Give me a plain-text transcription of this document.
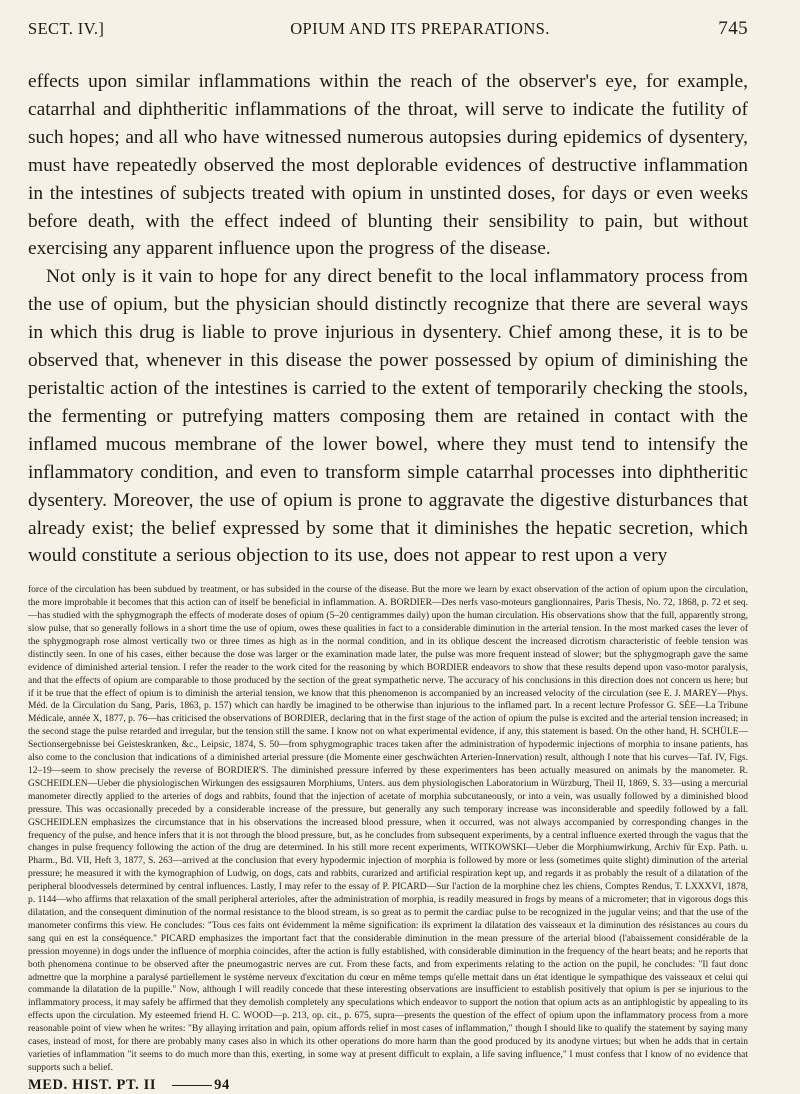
SECT. IV.]	OPIUM AND ITS PREPARATIONS.	745

effects upon similar inflammations within the reach of the observer's eye, for example, catarrhal and diphtheritic inflammations of the throat, will serve to indicate the futility of such hopes; and all who have witnessed numerous autopsies during epidemics of dysentery, must have repeatedly observed the most deplorable evidences of destructive inflammation in the intestines of subjects treated with opium in unstinted doses, for days or even weeks before death, with the effect indeed of blunting their sensibility to pain, but without exercising any apparent influence upon the progress of the disease.

Not only is it vain to hope for any direct benefit to the local inflammatory process from the use of opium, but the physician should distinctly recognize that there are several ways in which this drug is liable to prove injurious in dysentery. Chief among these, it is to be observed that, whenever in this disease the power possessed by opium of diminishing the peristaltic action of the intestines is carried to the extent of temporarily checking the stools, the fermenting or putrefying matters composing them are retained in contact with the inflamed mucous membrane of the lower bowel, where they must tend to intensify the inflammatory condition, and even to transform simple catarrhal processes into diphtheritic dysentery. Moreover, the use of opium is prone to aggravate the digestive disturbances that already exist; the belief expressed by some that it diminishes the hepatic secretion, which would constitute a serious objection to its use, does not appear to rest upon a very

force of the circulation has been subdued by treatment, or has subsided in the course of the disease. But the more we learn by exact observation of the action of opium upon the circulation, the more improbable it becomes that this action can of itself be beneficial in inflammation. A. BORDIER—Des nerfs vaso-moteurs ganglionnaires, Paris Thesis, No. 72, 1868, p. 72 et seq.—has studied with the sphygmograph the effects of moderate doses of opium (5–20 centigrammes daily) upon the human circulation. His observations show that the full, apparently strong, slow pulse, that so generally follows in a short time the use of opium, owes these qualities in fact to a considerable diminution in the arterial tension. In the most marked cases the lever of the sphygmograph rose almost vertically two or three times as high as in the normal condition, and in its oblique descent the increased dicrotism characteristic of feeble tension was distinctly seen. In one of his cases, either because the dose was larger or the examination made later, the pulse was more frequent instead of slower; but the sphygmograph gave the same evidence of diminished arterial tension. I refer the reader to the work cited for the reasoning by which BORDIER endeavors to show that these results depend upon vaso-motor paralysis, and that the effects of opium are comparable to those produced by the section of the great sympathetic nerve. The accuracy of his conclusions in this direction does not concern us here; but if it be true that the effect of opium is to diminish the arterial tension, we know that this phenomenon is accompanied by an increased velocity of the circulation (see E. J. MAREY—Phys. Méd. de la Circulation du Sang, Paris, 1863, p. 157) which can hardly be imagined to be otherwise than injurious to the inflamed part. In a recent lecture Professor G. SÉE—La Tribune Médicale, année X, 1877, p. 76—has criticised the observations of BORDIER, declaring that in the first stage of the action of opium the pulse is excited and the arterial tension increased; in the second stage the pulse retarded and irregular, but the tension still the same. I know not on what experimental evidence, if any, this statement is based. On the other hand, H. SCHÜLE—Sectionsergebnisse bei Geisteskranken, &c., Leipsic, 1874, S. 50—from sphygmographic traces taken after the administration of hypodermic injections of morphia to insane patients, has also come to the conclusion that indications of a diminished arterial pressure (die Momente einer geschwächten Arterien-Innervation) result, although I note that his curves—Taf. IV, Figs. 12–19—seem to show precisely the reverse of BORDIER'S. The diminished pressure inferred by these experimenters has been actually measured on animals by the manometer. R. GSCHEIDLEN—Ueber die physiologischen Wirkungen des essigsauren Morphiums, Unters. aus dem physiologischen Laboratorium in Würzburg, Theil II, 1869, S. 33—using a mercurial manometer directly applied to the arteries of dogs and rabbits, found that the injection of acetate of morphia subcutaneously, or into a vein, was usually followed by a diminished blood pressure. This was occasionally preceded by a considerable increase of the pressure, but generally any such temporary increase was inconsiderable and speedily followed by a fall. GSCHEIDLEN emphasizes the circumstance that in his observations the increased blood pressure, when it occurred, was not always accompanied by corresponding changes in the frequency of the pulse, and hence infers that it is not through the blood pressure, but, as he concludes from subsequent experiments, by a central influence exerted through the vagus that the changes in pulse frequency following the action of the drug are determined. In his still more recent experiments, WITKOWSKI—Ueber die Morphiumwirkung, Archiv für Exp. Path. u. Pharm., Bd. VII, Heft 3, 1877, S. 263—arrived at the conclusion that every hypodermic injection of morphia is followed by more or less (sometimes quite slight) diminution of the arterial pressure; he measured it with the kymographion of Ludwig, on dogs, cats and rabbits, curarized and artificial respiration kept up, and regards it as probably the result of a dilatation of the peripheral bloodvessels determined by central influences. Lastly, I may refer to the essay of P. PICARD—Sur l'action de la morphine chez les chiens, Comptes Rendus, T. LXXXVI, 1878, p. 1144—who affirms that relaxation of the small peripheral arterioles, after the administration of morphia, is readily measured in frogs by means of a micrometer; that in vigorous dogs this dilatation, and the consequent diminution of the normal resistance to the blood stream, is so great as to permit the cardiac pulse to be recognized in the jugular veins; and that the use of the manometer confirms this view. He concludes: "Tous ces faits ont évidemment la même signification: ils expriment la dilatation des vaisseaux et la diminution des résistances au cours du sang qui en est la conséquence." PICARD emphasizes the important fact that the considerable diminution in the mean pressure of the arterial blood (l'abaissement considérable de la pression moyenne) in dogs under the influence of morphia coincides, after the action is fully established, with considerable diminution in the frequency of the heart beats; and he reports that both phenomena continue to be observed after the pneumogastric nerves are cut. From these facts, and from experiments relating to the action on the pupil, he concludes: "Il faut donc admettre que la morphine a paralysé partiellement le système nerveux d'excitation du cœur en même temps qu'elle mettait dans un état identique le sympathique des vaisseaux et celui qui commande la dilatation de la pupille." Now, although I will readily concede that these interesting observations are insufficient to establish positively that opium is per se injurious to the inflammatory process, it may safely be affirmed that they demolish completely any speculations which endeavor to support the notion that opium acts as an antiphlogistic by appealing to its effects upon the circulation. My esteemed friend H. C. WOOD—p. 213, op. cit., p. 675, supra—presents the question of the effect of opium upon the inflammatory process from a more reasonable point of view when he writes: "By allaying irritation and pain, opium affords relief in most cases of inflammation," though I should like to qualify the statement by saying many cases, instead of most, for there are probably many cases also in which its other operations do more harm than the good produced by its anodyne virtues; but when he adds that in certain varieties of inflammation "it seems to do much more than this, exerting, in some way at present difficult to explain, a life saving influence," I must confess that I know of no evidence that supports such a belief.

MED. HIST. PT. II	94
